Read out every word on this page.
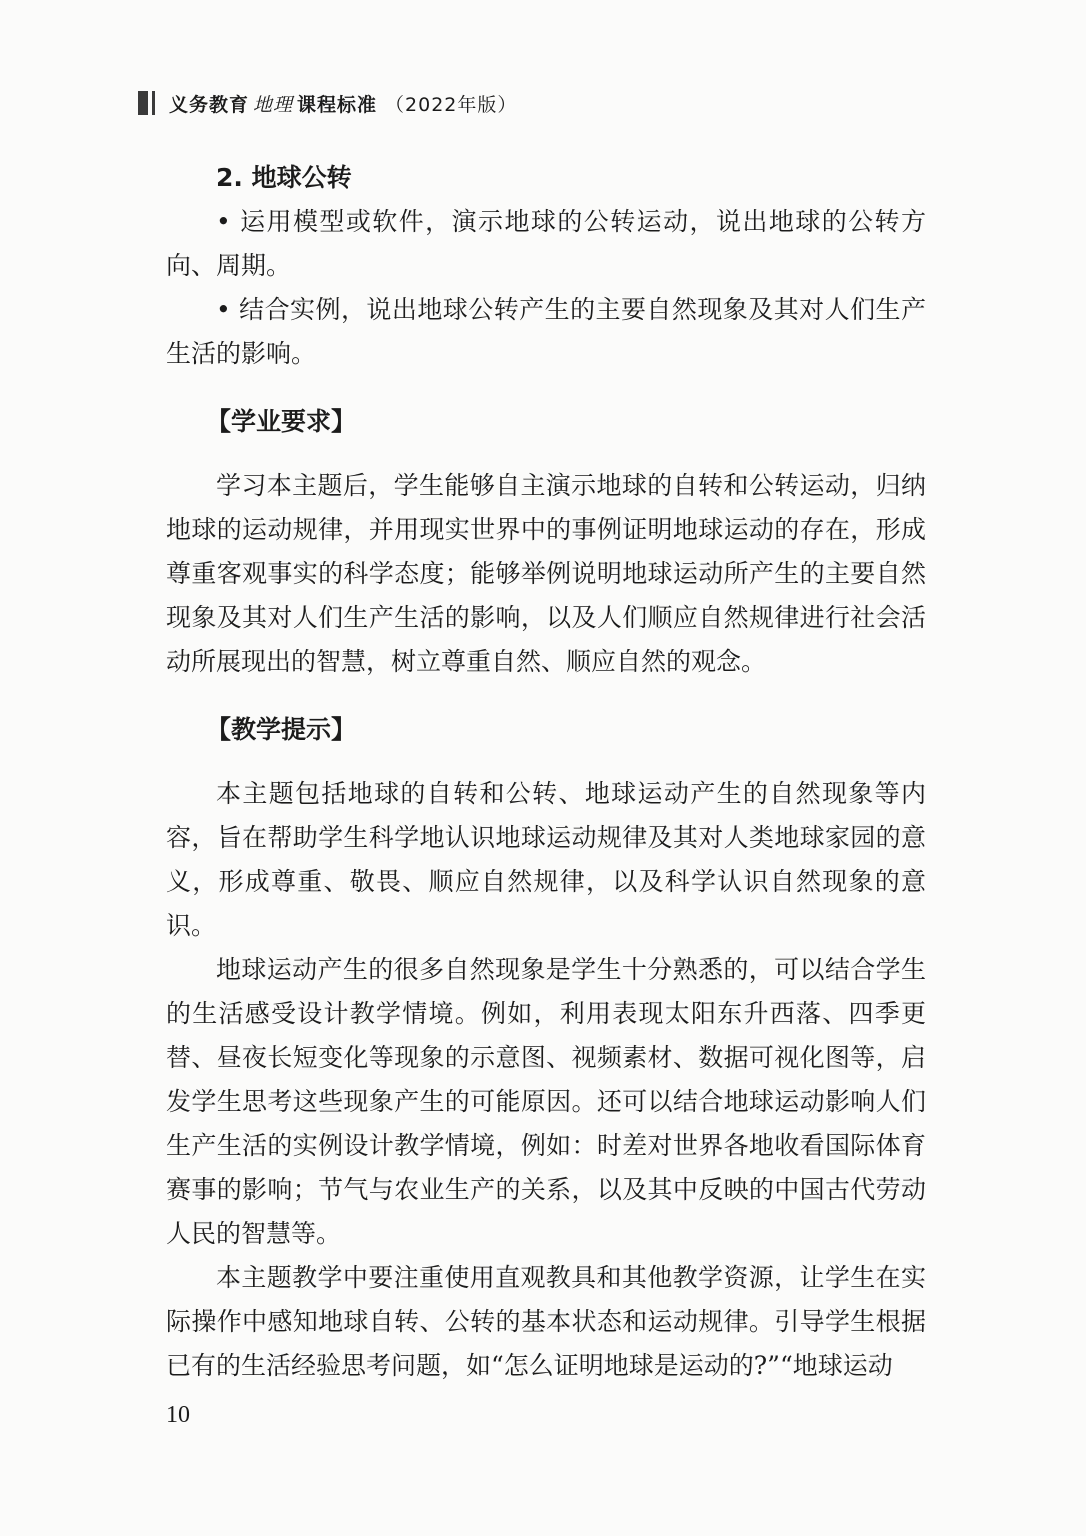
义务教育 地理 课程标准 （2022年版）
2. 地球公转

• 运用模型或软件，演示地球的公转运动，说出地球的公转方向、周期。

• 结合实例，说出地球公转产生的主要自然现象及其对人们生产生活的影响。

【学业要求】

学习本主题后，学生能够自主演示地球的自转和公转运动，归纳地球的运动规律，并用现实世界中的事例证明地球运动的存在，形成尊重客观事实的科学态度；能够举例说明地球运动所产生的主要自然现象及其对人们生产生活的影响，以及人们顺应自然规律进行社会活动所展现出的智慧，树立尊重自然、顺应自然的观念。

【教学提示】

本主题包括地球的自转和公转、地球运动产生的自然现象等内容，旨在帮助学生科学地认识地球运动规律及其对人类地球家园的意义，形成尊重、敬畏、顺应自然规律，以及科学认识自然现象的意识。

地球运动产生的很多自然现象是学生十分熟悉的，可以结合学生的生活感受设计教学情境。例如，利用表现太阳东升西落、四季更替、昼夜长短变化等现象的示意图、视频素材、数据可视化图等，启发学生思考这些现象产生的可能原因。还可以结合地球运动影响人们生产生活的实例设计教学情境，例如：时差对世界各地收看国际体育赛事的影响；节气与农业生产的关系，以及其中反映的中国古代劳动人民的智慧等。

本主题教学中要注重使用直观教具和其他教学资源，让学生在实际操作中感知地球自转、公转的基本状态和运动规律。引导学生根据已有的生活经验思考问题，如“怎么证明地球是运动的?”“地球运动

10
